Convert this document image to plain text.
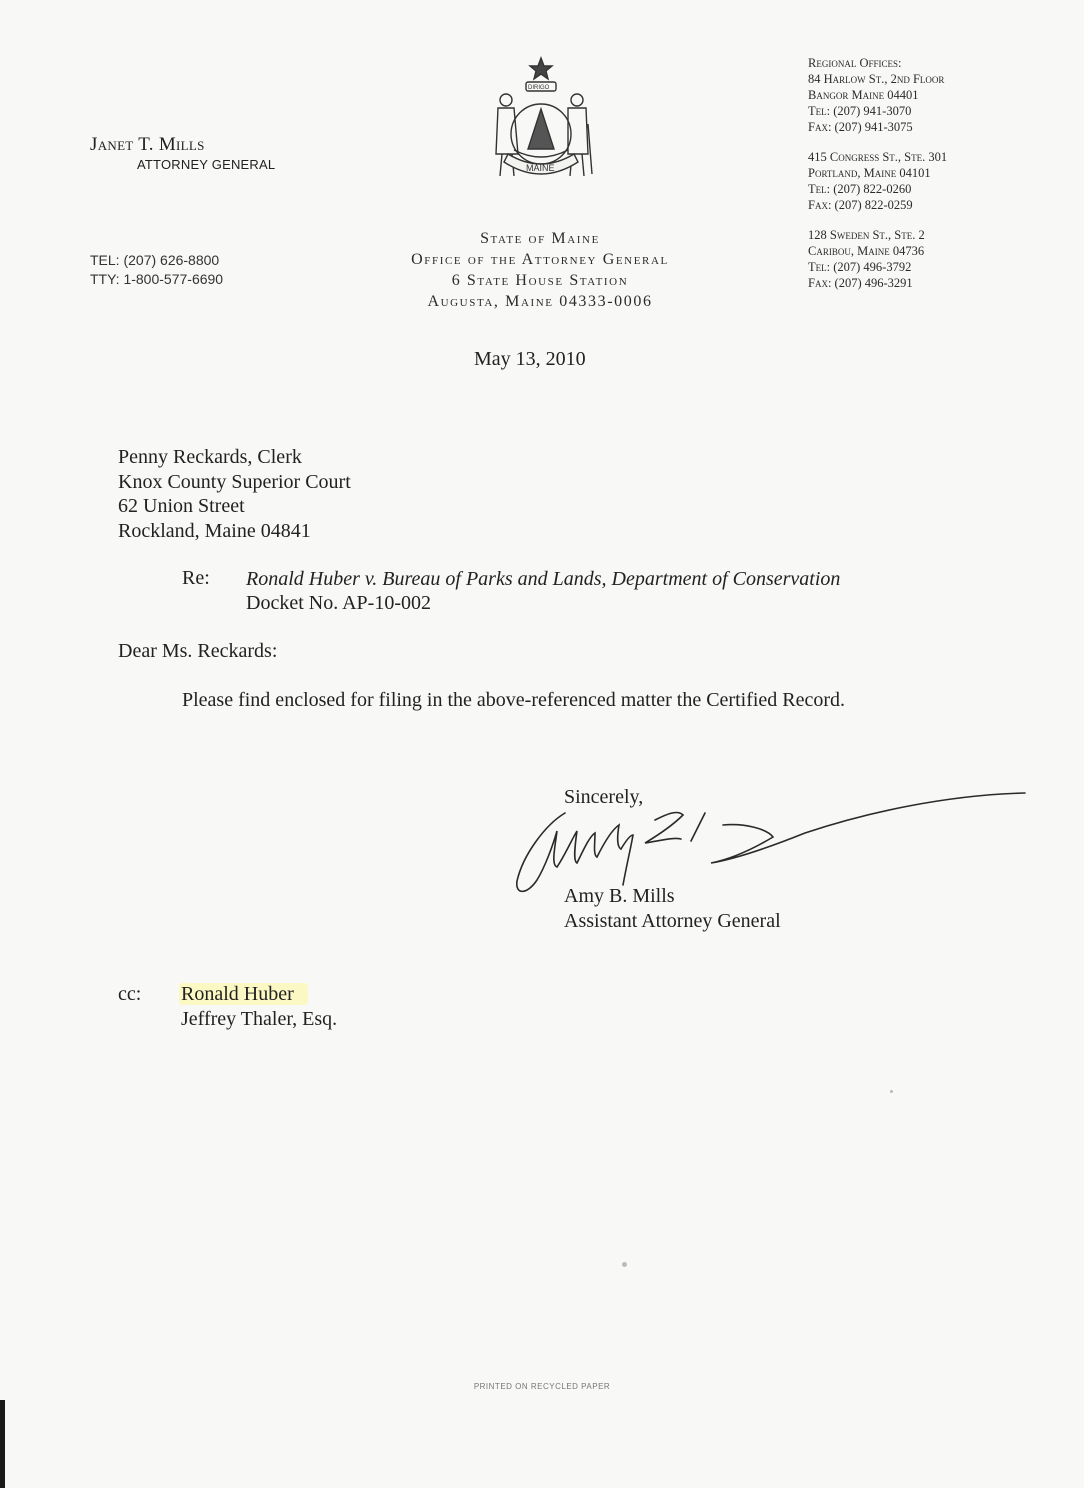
Janet T. Mills
ATTORNEY GENERAL
TEL: (207) 626-8800
TTY: 1-800-577-6690
DIRIGO
MAINE
State of Maine
Office of the Attorney General
6 State House Station
Augusta, Maine 04333-0006
Regional Offices:
84 Harlow St., 2nd Floor
Bangor Maine 04401
Tel: (207) 941-3070
Fax: (207) 941-3075
415 Congress St., Ste. 301
Portland, Maine 04101
Tel: (207) 822-0260
Fax: (207) 822-0259
128 Sweden St., Ste. 2
Caribou, Maine 04736
Tel: (207) 496-3792
Fax: (207) 496-3291
May 13, 2010
Penny Reckards, Clerk
Knox County Superior Court
62 Union Street
Rockland, Maine 04841
Re: Ronald Huber v. Bureau of Parks and Lands, Department of Conservation
Docket No. AP-10-002
Dear Ms. Reckards:
Please find enclosed for filing in the above-referenced matter the Certified Record.
Sincerely,
Amy B. Mills
Assistant Attorney General
cc: Ronald Huber
Jeffrey Thaler, Esq.
PRINTED ON RECYCLED PAPER
